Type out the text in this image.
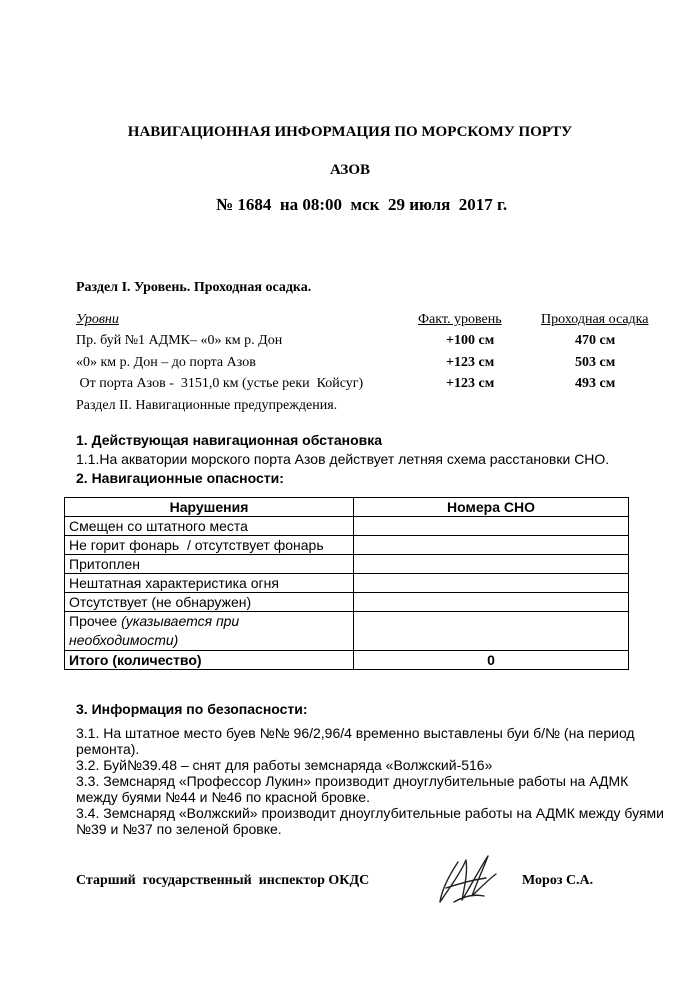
НАВИГАЦИОННАЯ ИНФОРМАЦИЯ ПО МОРСКОМУ ПОРТУ
АЗОВ
№ 1684  на 08:00  мск  29 июля  2017 г.
Раздел I. Уровень. Проходная осадка.
Уровни	Факт. уровень	Проходная осадка
Пр. буй №1 АДМК– «0» км р. Дон	+100 см	470 см
«0» км р. Дон – до порта Азов	+123 см	503 см
От порта Азов -  3151,0 км (устье реки  Койсуг)	+123 см	493 см
Раздел II. Навигационные предупреждения.
1. Действующая навигационная обстановка
1.1.На акватории морского порта Азов действует летняя схема расстановки СНО.
2. Навигационные опасности:
Нарушения	Номера СНО
Смещен со штатного места	
Не горит фонарь  / отсутствует фонарь	
Притоплен	
Нештатная характеристика огня	
Отсутствует (не обнаружен)	
Прочее (указывается при
необходимости)	
Итого (количество)	0
3. Информация по безопасности:

3.1. На штатное место буев №№ 96/2,96/4 временно выставлены буи б/№ (на период ремонта).

3.2. Буй№39.48 – снят для работы земснаряда «Волжский-516»

3.3. Земснаряд «Профессор Лукин» производит дноуглубительные работы на АДМК между буями №44 и №46 по красной бровке.

3.4. Земснаряд «Волжский» производит дноуглубительные работы на АДМК между буями №39 и №37 по зеленой бровке.

Старший  государственный  инспектор ОКДС	Мороз С.А.
